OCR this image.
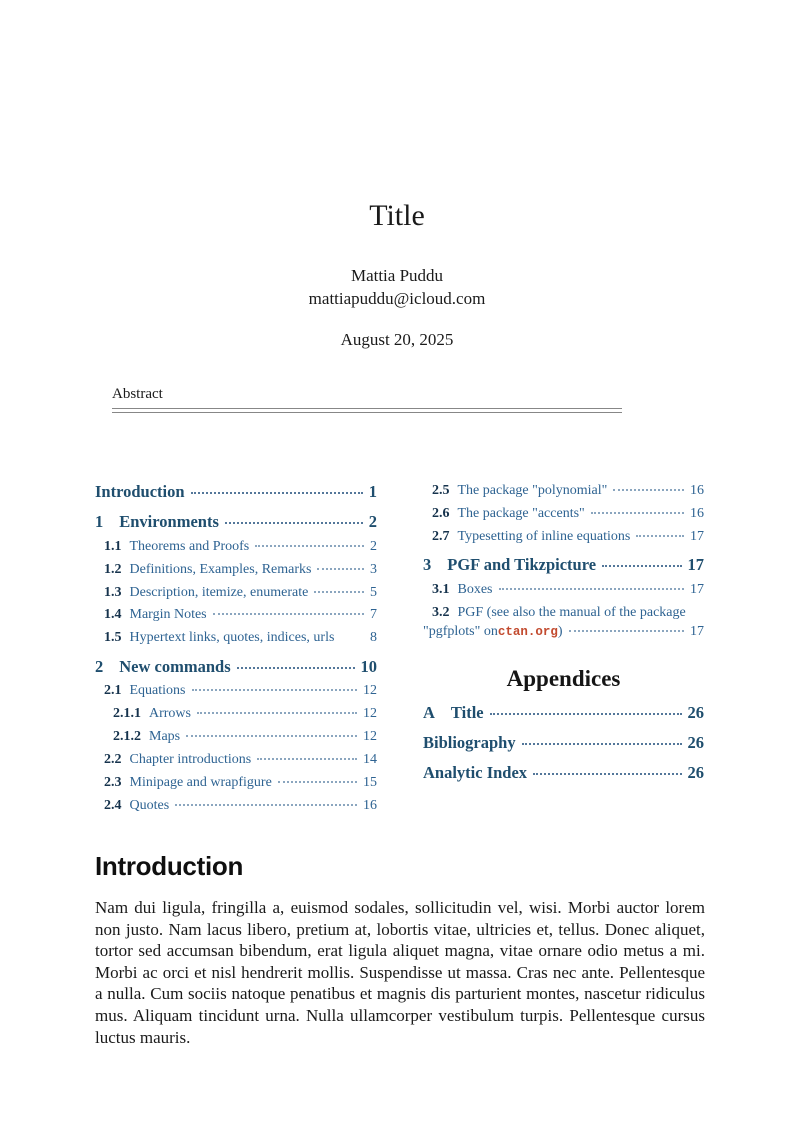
Title
Mattia Puddu
mattiapuddu@icloud.com
August 20, 2025
Abstract
Introduction	1
1 Environments	2
1.1 Theorems and Proofs	2
1.2 Definitions, Examples, Remarks	3
1.3 Description, itemize, enumerate	5
1.4 Margin Notes	7
1.5 Hypertext links, quotes, indices, urls	8
2 New commands	10
2.1 Equations	12
2.1.1 Arrows	12
2.1.2 Maps	12
2.2 Chapter introductions	14
2.3 Minipage and wrapfigure	15
2.4 Quotes	16
2.5 The package "polynomial"	16
2.6 The package "accents"	16
2.7 Typesetting of inline equations	17
3 PGF and Tikzpicture	17
3.1 Boxes	17
3.2 PGF (see also the manual of the package
"pgfplots" on ctan.org )	17
Appendices
A Title	26
Bibliography	26
Analytic Index	26
Introduction

Nam dui ligula, fringilla a, euismod sodales, sollicitudin vel, wisi. Morbi auctor lorem non justo. Nam lacus libero, pretium at, lobortis vitae, ultricies et, tellus. Donec aliquet, tortor sed accumsan bibendum, erat ligula aliquet magna, vitae ornare odio metus a mi. Morbi ac orci et nisl hendrerit mollis. Suspendisse ut massa. Cras nec ante. Pellentesque a nulla. Cum sociis natoque penatibus et magnis dis parturient montes, nascetur ridiculus mus. Aliquam tincidunt urna. Nulla ullamcorper vestibulum turpis. Pellentesque cursus luctus mauris.
